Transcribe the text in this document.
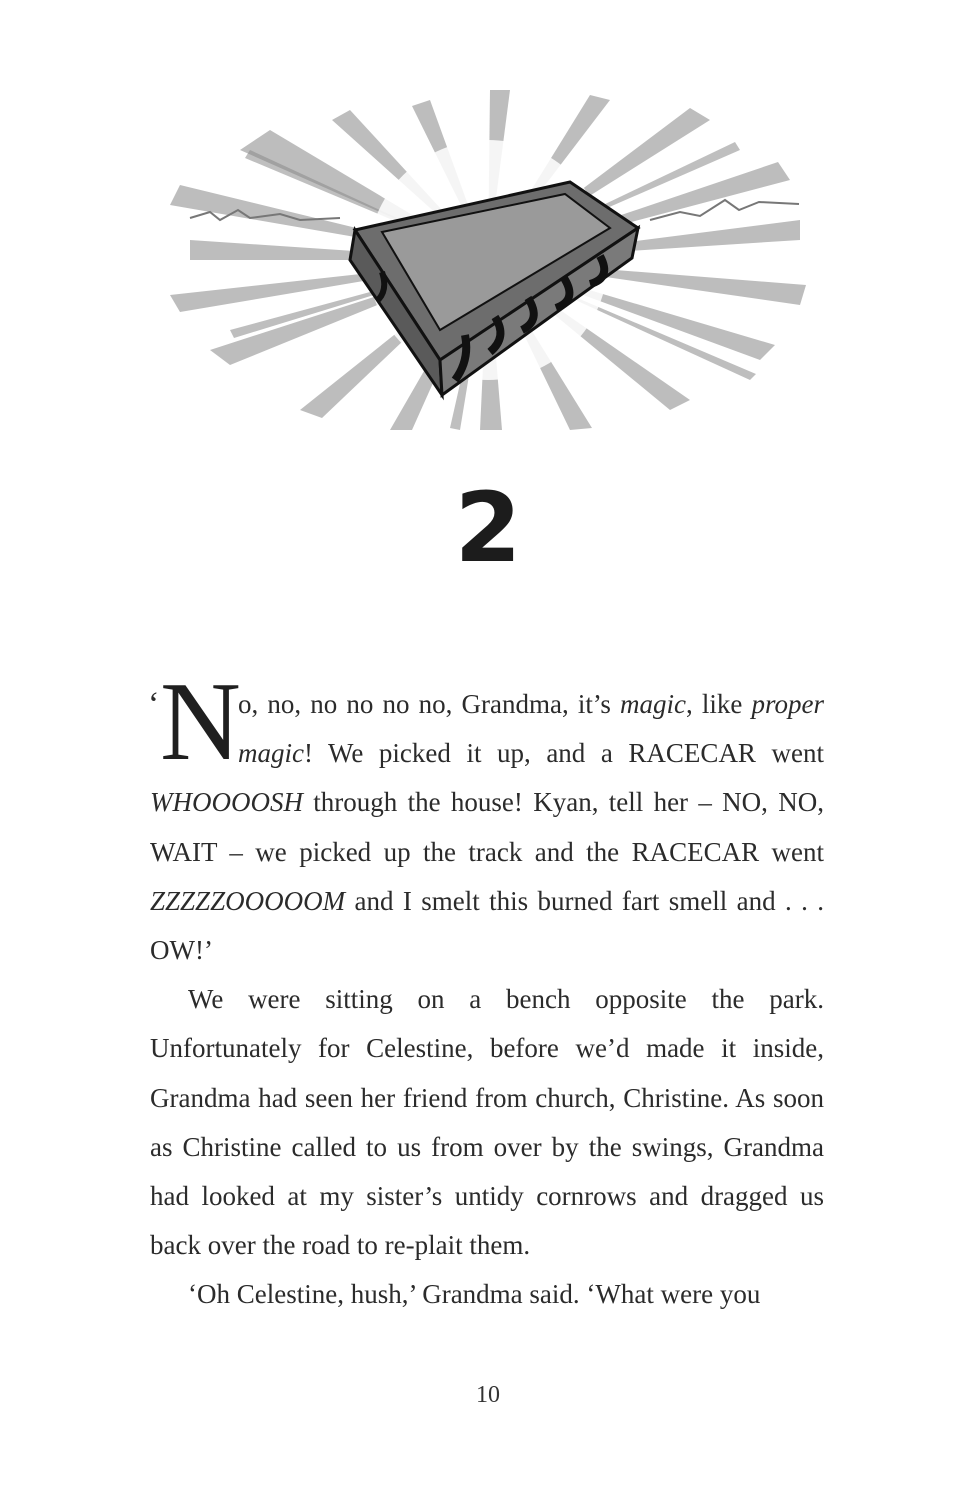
2

‘ N
o, no, no no no no, Grandma, it’s magic, like proper magic! We picked it up, and a RACECAR went WHOOOOSH through the house! Kyan, tell her – NO, NO, WAIT – we picked up the track and the RACECAR went ZZZZZOOOOOM and I smelt this burned fart smell and . . . OW!’

We were sitting on a bench opposite the park. Unfortunately for Celestine, before we’d made it inside, Grandma had seen her friend from church, Christine. As soon as Christine called to us from over by the swings, Grandma had looked at my sister’s untidy cornrows and dragged us back over the road to re-plait them.

‘Oh Celestine, hush,’ Grandma said. ‘What were you

10
